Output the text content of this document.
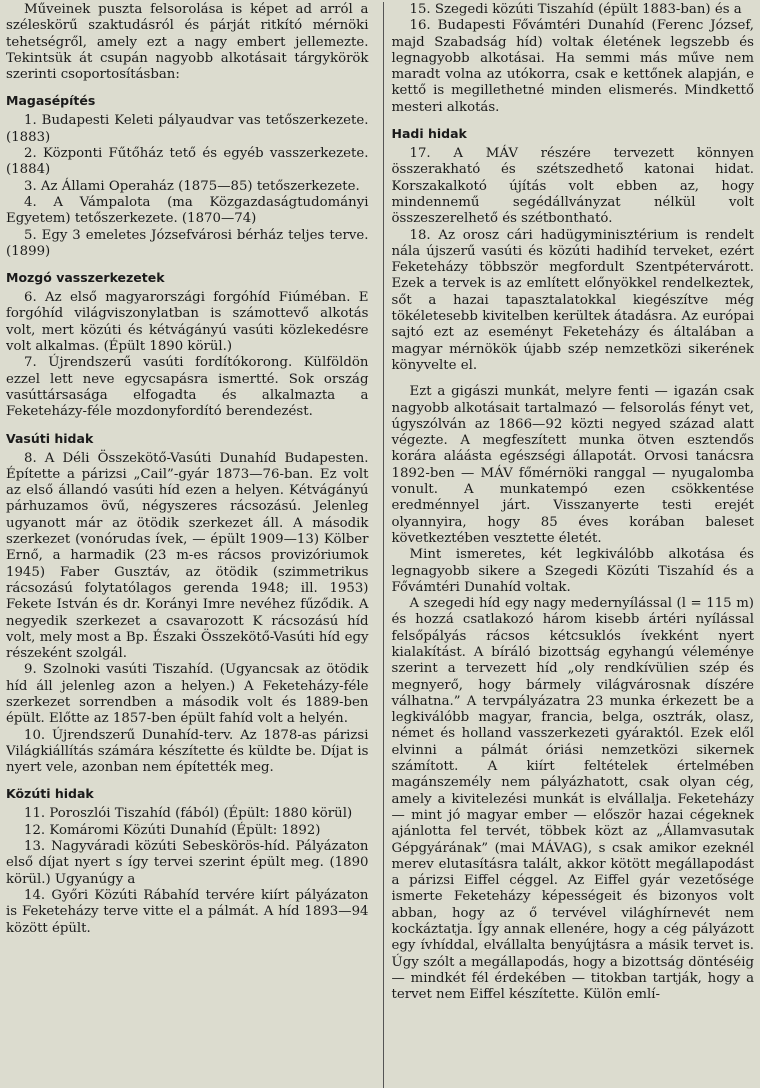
Műveinek puszta felsorolása is képet ad arról a széleskörű szaktudásról és párját ritkító mérnöki tehetségről, amely ezt a nagy embert jellemezte. Tekintsük át csupán nagyobb alkotásait tárgykörök szerinti csoportosításban:

Magasépítés

1. Budapesti Keleti pályaudvar vas tetőszerkezete. (1883)

2. Központi Fűtőház tető és egyéb vasszerkezete. (1884)

3. Az Állami Operaház (1875—85) tetőszerkezete.

4. A Vámpalota (ma Közgazdaságtudományi Egyetem) tetőszerkezete. (1870—74)

5. Egy 3 emeletes Józsefvárosi bérház teljes terve. (1899)

Mozgó vasszerkezetek

6. Az első magyarországi forgóhíd Fiúméban. E forgóhíd világviszonylatban is számottevő alkotás volt, mert közúti és kétvágányú vasúti közlekedésre volt alkalmas. (Épült 1890 körül.)

7. Újrendszerű vasúti fordítókorong. Külföldön ezzel lett neve egycsapásra ismertté. Sok ország vasúttársasága elfogadta és alkalmazta a Feketeházy-féle mozdonyfordító berendezést.

Vasúti hidak

8. A Déli Összekötő-Vasúti Dunahíd Budapesten. Építette a párizsi „Cail”-gyár 1873—76-ban. Ez volt az első állandó vasúti híd ezen a helyen. Kétvágányú párhuzamos övű, négyszeres rácsozású. Jelenleg ugyanott már az ötödik szerkezet áll. A második szerkezet (vonórudas ívek, — épült 1909—13) Kölber Ernő, a harmadik (23 m-es rácsos provizóriumok 1945) Faber Gusztáv, az ötödik (szimmetrikus rácsozású folytatólagos gerenda 1948; ill. 1953) Fekete István és dr. Korányi Imre nevéhez fűződik. A negyedik szerkezet a csavarozott K rácsozású híd volt, mely most a Bp. Északi Összekötő-Vasúti híd egy részeként szolgál.

9. Szolnoki vasúti Tiszahíd. (Ugyancsak az ötödik híd áll jelenleg azon a helyen.) A Feketeházy-féle szerkezet sorrendben a második volt és 1889-ben épült. Előtte az 1857-ben épült fahíd volt a helyén.

10. Újrendszerű Dunahíd-terv. Az 1878-as párizsi Világkiállítás számára készítette és küldte be. Díjat is nyert vele, azonban nem építették meg.

Közúti hidak

11. Poroszlói Tiszahíd (fából) (Épült: 1880 körül)

12. Komáromi Közúti Dunahíd (Épült: 1892)

13. Nagyváradi közúti Sebeskörös-híd. Pályázaton első díjat nyert s így tervei szerint épült meg. (1890 körül.) Ugyanúgy a

14. Győri Közúti Rábahíd tervére kiírt pályázaton is Feketeházy terve vitte el a pálmát. A híd 1893—94 között épült.

15. Szegedi közúti Tiszahíd (épült 1883-ban) és a

16. Budapesti Fővámtéri Dunahíd (Ferenc József, majd Szabadság híd) voltak életének legszebb és legnagyobb alkotásai. Ha semmi más műve nem maradt volna az utókorra, csak e kettőnek alapján, e kettő is megillethetné minden elismerés. Mindkettő mesteri alkotás.

Hadi hidak

17. A MÁV részére tervezett könnyen összerakható és szétszedhető katonai hidat. Korszakalkotó újítás volt ebben az, hogy mindennemű segédállványzat nélkül volt összeszerelhető és szétbontható.

18. Az orosz cári hadügyminisztérium is rendelt nála újszerű vasúti és közúti hadihíd terveket, ezért Feketeházy többször megfordult Szentpétervárott. Ezek a tervek is az említett előnyökkel rendelkeztek, sőt a hazai tapasztalatokkal kiegészítve még tökéletesebb kivitelben kerültek átadásra. Az európai sajtó ezt az eseményt Feketeházy és általában a magyar mérnökök újabb szép nemzetközi sikerének könyvelte el.

Ezt a gigászi munkát, melyre fenti — igazán csak nagyobb alkotásait tartalmazó — felsorolás fényt vet, úgyszólván az 1866—92 közti negyed század alatt végezte. A megfeszített munka ötven esztendős korára aláásta egészségi állapotát. Orvosi tanácsra 1892-ben — MÁV főmérnöki ranggal — nyugalomba vonult. A munkatempó ezen csökkentése eredménnyel járt. Visszanyerte testi erejét olyannyira, hogy 85 éves korában baleset következtében vesztette életét.

Mint ismeretes, két legkiválóbb alkotása és legnagyobb sikere a Szegedi Közúti Tiszahíd és a Fővámtéri Dunahíd voltak.

A szegedi híd egy nagy medernyílással (l = 115 m) és hozzá csatlakozó három kisebb ártéri nyílással felsőpályás rácsos kétcsuklós ívekként nyert kialakítást. A bíráló bizottság egyhangú véleménye szerint a tervezett híd „oly rendkívülien szép és megnyerő, hogy bármely világvárosnak díszére válhatna.” A tervpályázatra 23 munka érkezett be a legkiválóbb magyar, francia, belga, osztrák, olasz, német és holland vasszerkezeti gyáraktól. Ezek elől elvinni a pálmát óriási nemzetközi sikernek számított. A kiírt feltételek értelmében magánszemély nem pályázhatott, csak olyan cég, amely a kivitelezési munkát is elvállalja. Feketeházy — mint jó magyar ember — először hazai cégeknek ajánlotta fel tervét, többek közt az „Államvasutak Gépgyárának” (mai MÁVAG), s csak amikor ezeknél merev elutasításra talált, akkor kötött megállapodást a párizsi Eiffel céggel. Az Eiffel gyár vezetősége ismerte Feketeházy képességeit és bizonyos volt abban, hogy az ő tervével világhírnevét nem kockáztatja. Így annak ellenére, hogy a cég pályázott egy ívhíddal, elvállalta benyújtásra a másik tervet is. Úgy szólt a megállapodás, hogy a bizottság döntéséig — mindkét fél érdekében — titokban tartják, hogy a tervet nem Eiffel készítette. Külön emlí-
